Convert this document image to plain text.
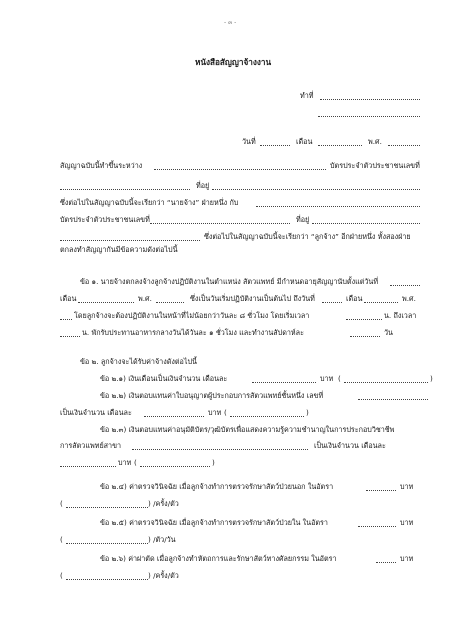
- ๓ -
หนังสือสัญญาจ้างงาน
ทำที่
วันที่	เดือน	พ.ศ.
สัญญาฉบับนี้ทำขึ้นระหว่าง	บัตรประจำตัวประชาชนเลขที่
ที่อยู่
ซึ่งต่อไปในสัญญาฉบับนี้จะเรียกว่า “นายจ้าง” ฝ่ายหนึ่ง กับ
บัตรประจำตัวประชาชนเลขที่	ที่อยู่
ซึ่งต่อไปในสัญญาฉบับนี้จะเรียกว่า “ลูกจ้าง” อีกฝ่ายหนึ่ง ทั้งสองฝ่าย
ตกลงทำสัญญากันมีข้อความดังต่อไปนี้
ข้อ ๑. นายจ้างตกลงจ้างลูกจ้างปฏิบัติงานในตำแหน่ง สัตวแพทย์ มีกำหนดอายุสัญญานับตั้งแต่วันที่
เดือน	พ.ศ.	ซึ่งเป็นวันเริ่มปฏิบัติงานเป็นต้นไป ถึงวันที่	เดือน	พ.ศ.
โดยลูกจ้างจะต้องปฏิบัติงานในหน้าที่ไม่น้อยกว่าวันละ ๘ ชั่วโมง โดยเริ่มเวลา	น. ถึงเวลา
น. พักรับประทานอาหารกลางวันได้วันละ ๑ ชั่วโมง และทำงานสัปดาห์ละ	วัน
ข้อ ๒. ลูกจ้างจะได้รับค่าจ้างดังต่อไปนี้
ข้อ ๒.๑) เงินเดือนเป็นเงินจำนวน เดือนละ	บาท (	)
ข้อ ๒.๒) เงินตอบแทนค่าใบอนุญาตผู้ประกอบการสัตวแพทย์ชั้นหนึ่ง เลขที่
เป็นเงินจำนวน เดือนละ	บาท (	)
ข้อ ๒.๓) เงินตอบแทนค่าอนุมัติบัตร/วุฒิบัตรเพื่อแสดงความรู้ความชำนาญในการประกอบวิชาชีพ
การสัตวแพทย์สาขา	เป็นเงินจำนวน เดือนละ
บาท (	)
ข้อ ๒.๔) ค่าตรวจวินิจฉัย เมื่อลูกจ้างทำการตรวจรักษาสัตว์ป่วยนอก ในอัตรา	บาท
(	) /ครั้ง/ตัว
ข้อ ๒.๕) ค่าตรวจวินิจฉัย เมื่อลูกจ้างทำการตรวจรักษาสัตว์ป่วยใน ในอัตรา	บาท
(	) /ตัว/วัน
ข้อ ๒.๖) ค่าผ่าตัด เมื่อลูกจ้างทำหัตถการและรักษาสัตว์ทางศัลยกรรม ในอัตรา	บาท
(	) /ครั้ง/ตัว
